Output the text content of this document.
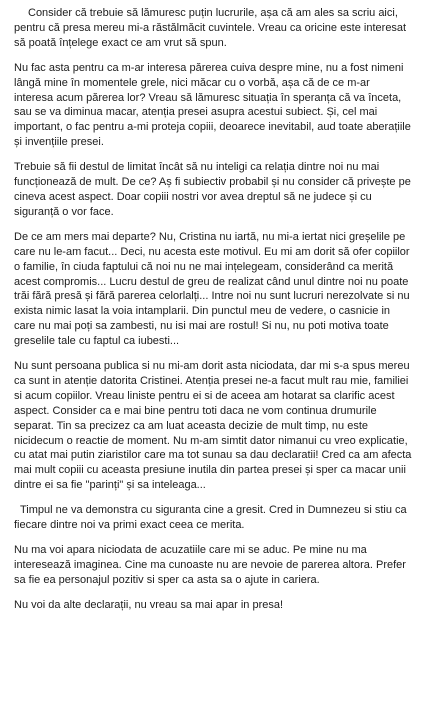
Consider că trebuie să lămuresc puțin lucrurile, așa că am ales sa scriu aici, pentru că presa mereu mi-a răstălmăcit cuvintele. Vreau ca oricine este interesat să poată înțelege exact ce am vrut să spun.

Nu fac asta pentru ca m-ar interesa părerea cuiva despre mine, nu a fost nimeni lângă mine în momentele grele, nici măcar cu o vorbă, așa că de ce m-ar interesa acum părerea lor? Vreau să lămuresc situația în speranța că va înceta, sau se va diminua macar, atenția presei asupra acestui subiect. Și, cel mai important, o fac pentru a-mi proteja copiii, deoarece inevitabil, aud toate aberațiile și invențiile presei.

Trebuie să fii destul de limitat încât să nu inteligi ca relația dintre noi nu mai funcționează de mult. De ce? Aș fi subiectiv probabil și nu consider că privește pe cineva acest aspect. Doar copiii nostri vor avea dreptul să ne judece și cu siguranță o vor face.

De ce am mers mai departe? Nu, Cristina nu iartă, nu mi-a iertat nici greșelile pe care nu le-am facut... Deci, nu acesta este motivul. Eu mi am dorit să ofer copiilor o familie, în ciuda faptului că noi nu ne mai ințelegeam, considerând ca merită acest compromis... Lucru destul de greu de realizat când unul dintre noi nu poate trăi fără presă și fără parerea celorlalți... Intre noi nu sunt lucruri nerezolvate si nu exista nimic lasat la voia intamplarii. Din punctul meu de vedere, o casnicie in care nu mai poți sa zambesti, nu isi mai are rostul! Si nu, nu poti motiva toate greselile tale cu faptul ca iubesti...

Nu sunt persoana publica si nu mi-am dorit asta niciodata, dar mi s-a spus mereu ca sunt in atenție datorita Cristinei. Atenția presei ne-a facut mult rau mie, familiei si acum copiilor. Vreau liniste pentru ei si de aceea am hotarat sa clarific acest aspect. Consider ca e mai bine pentru toti daca ne vom continua drumurile separat. Tin sa precizez ca am luat aceasta decizie de mult timp, nu este nicidecum o reactie de moment. Nu m-am simtit dator nimanui cu vreo explicatie, cu atat mai putin ziaristilor care ma tot sunau sa dau declaratii! Cred ca am afecta mai mult copiii cu aceasta presiune inutila din partea presei și sper ca macar unii dintre ei sa fie "parinți" și sa inteleaga...

Timpul ne va demonstra cu siguranta cine a gresit. Cred in Dumnezeu si stiu ca fiecare dintre noi va primi exact ceea ce merita.

Nu ma voi apara niciodata de acuzatiile care mi se aduc. Pe mine nu ma interesează imaginea. Cine ma cunoaste nu are nevoie de parerea altora. Prefer sa fie ea personajul pozitiv si sper ca asta sa o ajute in cariera.

Nu voi da alte declarații, nu vreau sa mai apar in presa!
